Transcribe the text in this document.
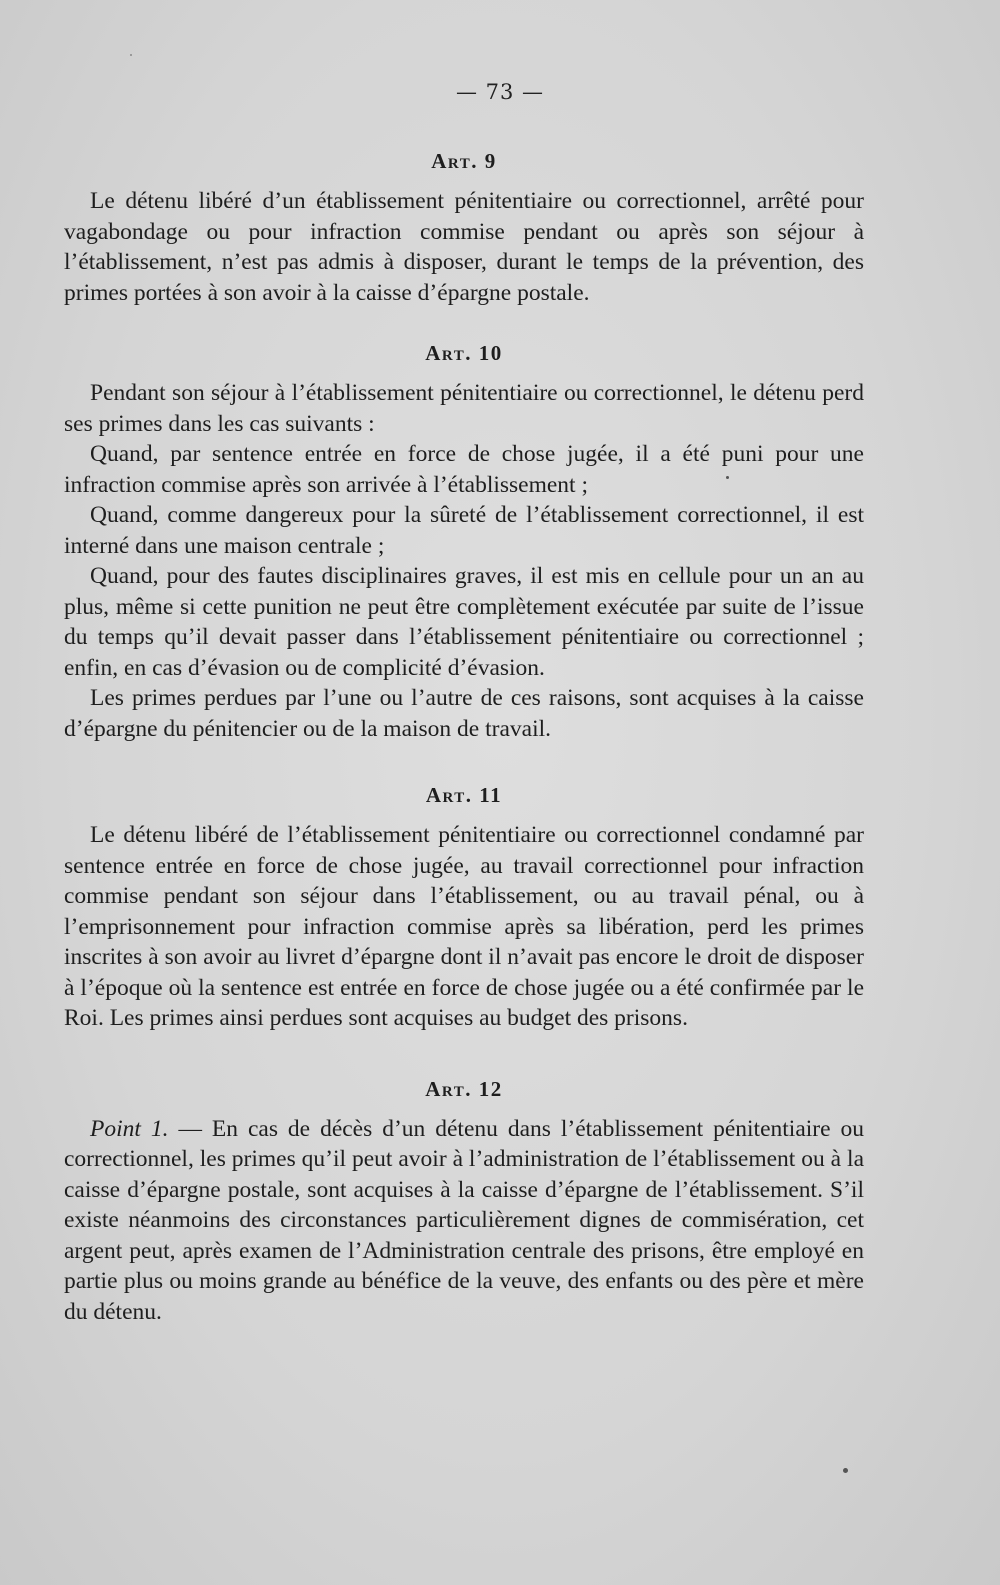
— 73 —
Art. 9

Le détenu libéré d’un établissement pénitentiaire ou correctionnel, arrêté pour vagabondage ou pour infraction commise pendant ou après son séjour à l’établissement, n’est pas admis à disposer, durant le temps de la prévention, des primes portées à son avoir à la caisse d’épargne postale.

Art. 10

Pendant son séjour à l’établissement pénitentiaire ou correctionnel, le détenu perd ses primes dans les cas suivants :

Quand, par sentence entrée en force de chose jugée, il a été puni pour une infraction commise après son arrivée à l’établissement ;

Quand, comme dangereux pour la sûreté de l’établissement correctionnel, il est interné dans une maison centrale ;

Quand, pour des fautes disciplinaires graves, il est mis en cellule pour un an au plus, même si cette punition ne peut être complètement exécutée par suite de l’issue du temps qu’il devait passer dans l’établissement pénitentiaire ou correctionnel ; enfin, en cas d’évasion ou de complicité d’évasion.

Les primes perdues par l’une ou l’autre de ces raisons, sont acquises à la caisse d’épargne du pénitencier ou de la maison de travail.

Art. 11

Le détenu libéré de l’établissement pénitentiaire ou correctionnel condamné par sentence entrée en force de chose jugée, au travail correctionnel pour infraction commise pendant son séjour dans l’établissement, ou au travail pénal, ou à l’emprisonnement pour infraction commise après sa libération, perd les primes inscrites à son avoir au livret d’épargne dont il n’avait pas encore le droit de disposer à l’époque où la sentence est entrée en force de chose jugée ou a été confirmée par le Roi. Les primes ainsi perdues sont acquises au budget des prisons.

Art. 12

Point 1. — En cas de décès d’un détenu dans l’établissement pénitentiaire ou correctionnel, les primes qu’il peut avoir à l’administration de l’établissement ou à la caisse d’épargne postale, sont acquises à la caisse d’épargne de l’établissement. S’il existe néanmoins des circonstances particulièrement dignes de commisération, cet argent peut, après examen de l’Administration centrale des prisons, être employé en partie plus ou moins grande au bénéfice de la veuve, des enfants ou des père et mère du détenu.
